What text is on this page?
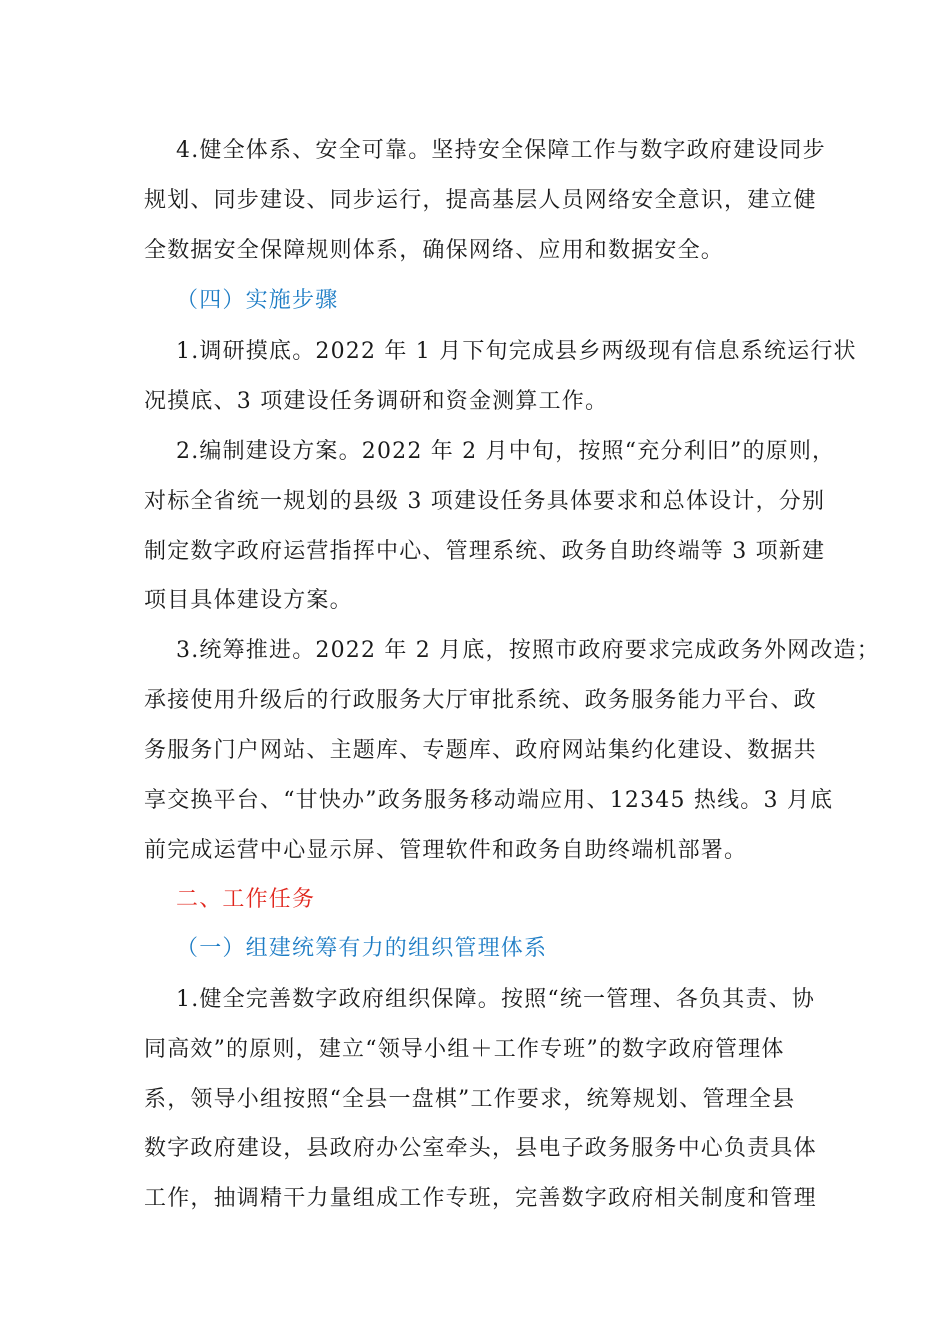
4.健全体系、安全可靠。坚持安全保障工作与数字政府建设同步
规划、同步建设、同步运行，提高基层人员网络安全意识，建立健
全数据安全保障规则体系，确保网络、应用和数据安全。
（四）实施步骤
1.调研摸底。2022 年 1 月下旬完成县乡两级现有信息系统运行状
况摸底、3 项建设任务调研和资金测算工作。
2.编制建设方案。2022 年 2 月中旬，按照“充分利旧”的原则，
对标全省统一规划的县级 3 项建设任务具体要求和总体设计，分别
制定数字政府运营指挥中心、管理系统、政务自助终端等 3 项新建
项目具体建设方案。
3.统筹推进。2022 年 2 月底，按照市政府要求完成政务外网改造；
承接使用升级后的行政服务大厅审批系统、政务服务能力平台、政
务服务门户网站、主题库、专题库、政府网站集约化建设、数据共
享交换平台、“甘快办”政务服务移动端应用、12345 热线。3 月底
前完成运营中心显示屏、管理软件和政务自助终端机部署。
二、工作任务
（一）组建统筹有力的组织管理体系
1.健全完善数字政府组织保障。按照“统一管理、各负其责、协
同高效”的原则，建立“领导小组＋工作专班”的数字政府管理体
系，领导小组按照“全县一盘棋”工作要求，统筹规划、管理全县
数字政府建设，县政府办公室牵头，县电子政务服务中心负责具体
工作，抽调精干力量组成工作专班，完善数字政府相关制度和管理
